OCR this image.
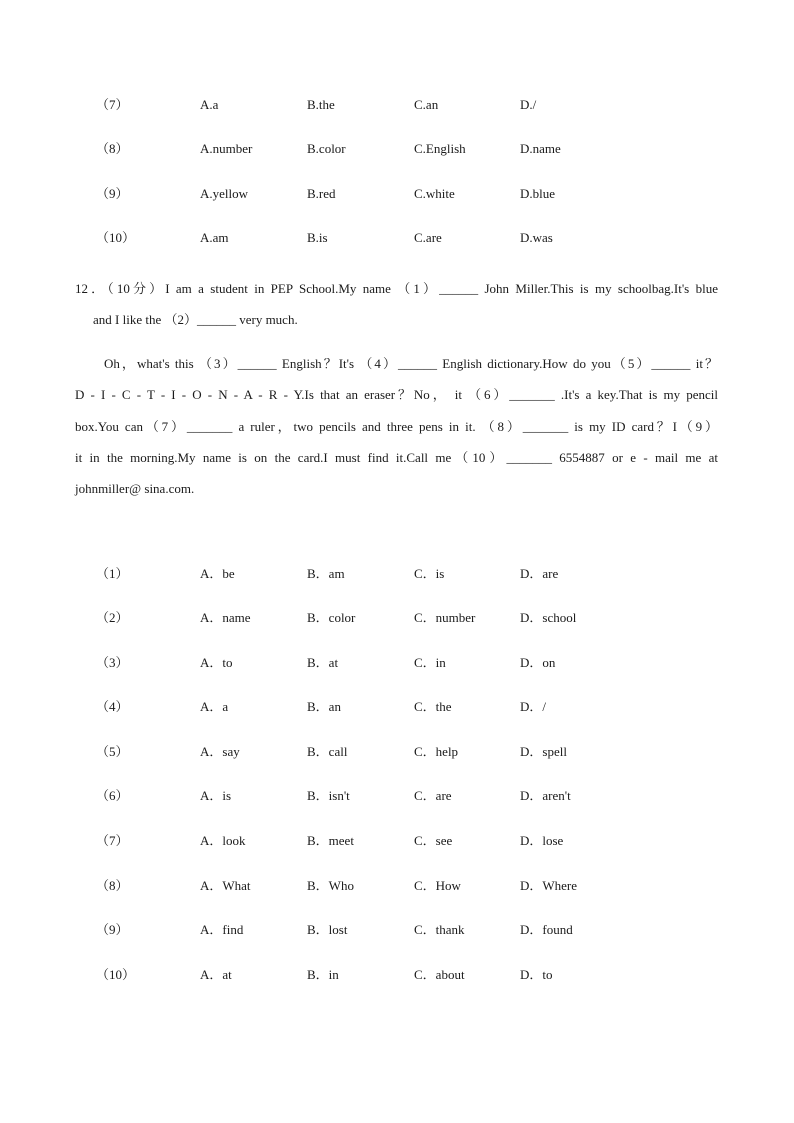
（7）	A.a	B.the	C.an	D./
（8）	A.number	B.color	C.English	D.name
（9）	A.yellow	B.red	C.white	D.blue
（10）	A.am	B.is	C.are	D.was
12．（10分）I am a student in PEP School.My name （1）______ John Miller.This is my schoolbag.It's blue
and I like the （2）______ very much.
Oh，what's this （3）______ English？It's （4）______ English dictionary.How do you（5）______ it？
D - I - C - T - I - O - N - A - R - Y.Is that an eraser？No， it （6）_______ .It's a key.That is my pencil
box.You can（7）_______ a ruler，two pencils and three pens in it. （8）_______ is my ID card？I（9）
it in the morning.My name is on the card.I must find it.Call me（10）_______ 6554887 or e - mail me at
johnmiller@ sina.com.
（1）	A．be	B．am	C．is	D．are
（2）	A．name	B．color	C．number	D．school
（3）	A．to	B．at	C．in	D．on
（4）	A．a	B．an	C．the	D．/
（5）	A．say	B．call	C．help	D．spell
（6）	A．is	B．isn't	C．are	D．aren't
（7）	A．look	B．meet	C．see	D．lose
（8）	A．What	B．Who	C．How	D．Where
（9）	A．find	B．lost	C．thank	D．found
（10）	A．at	B．in	C．about	D．to
